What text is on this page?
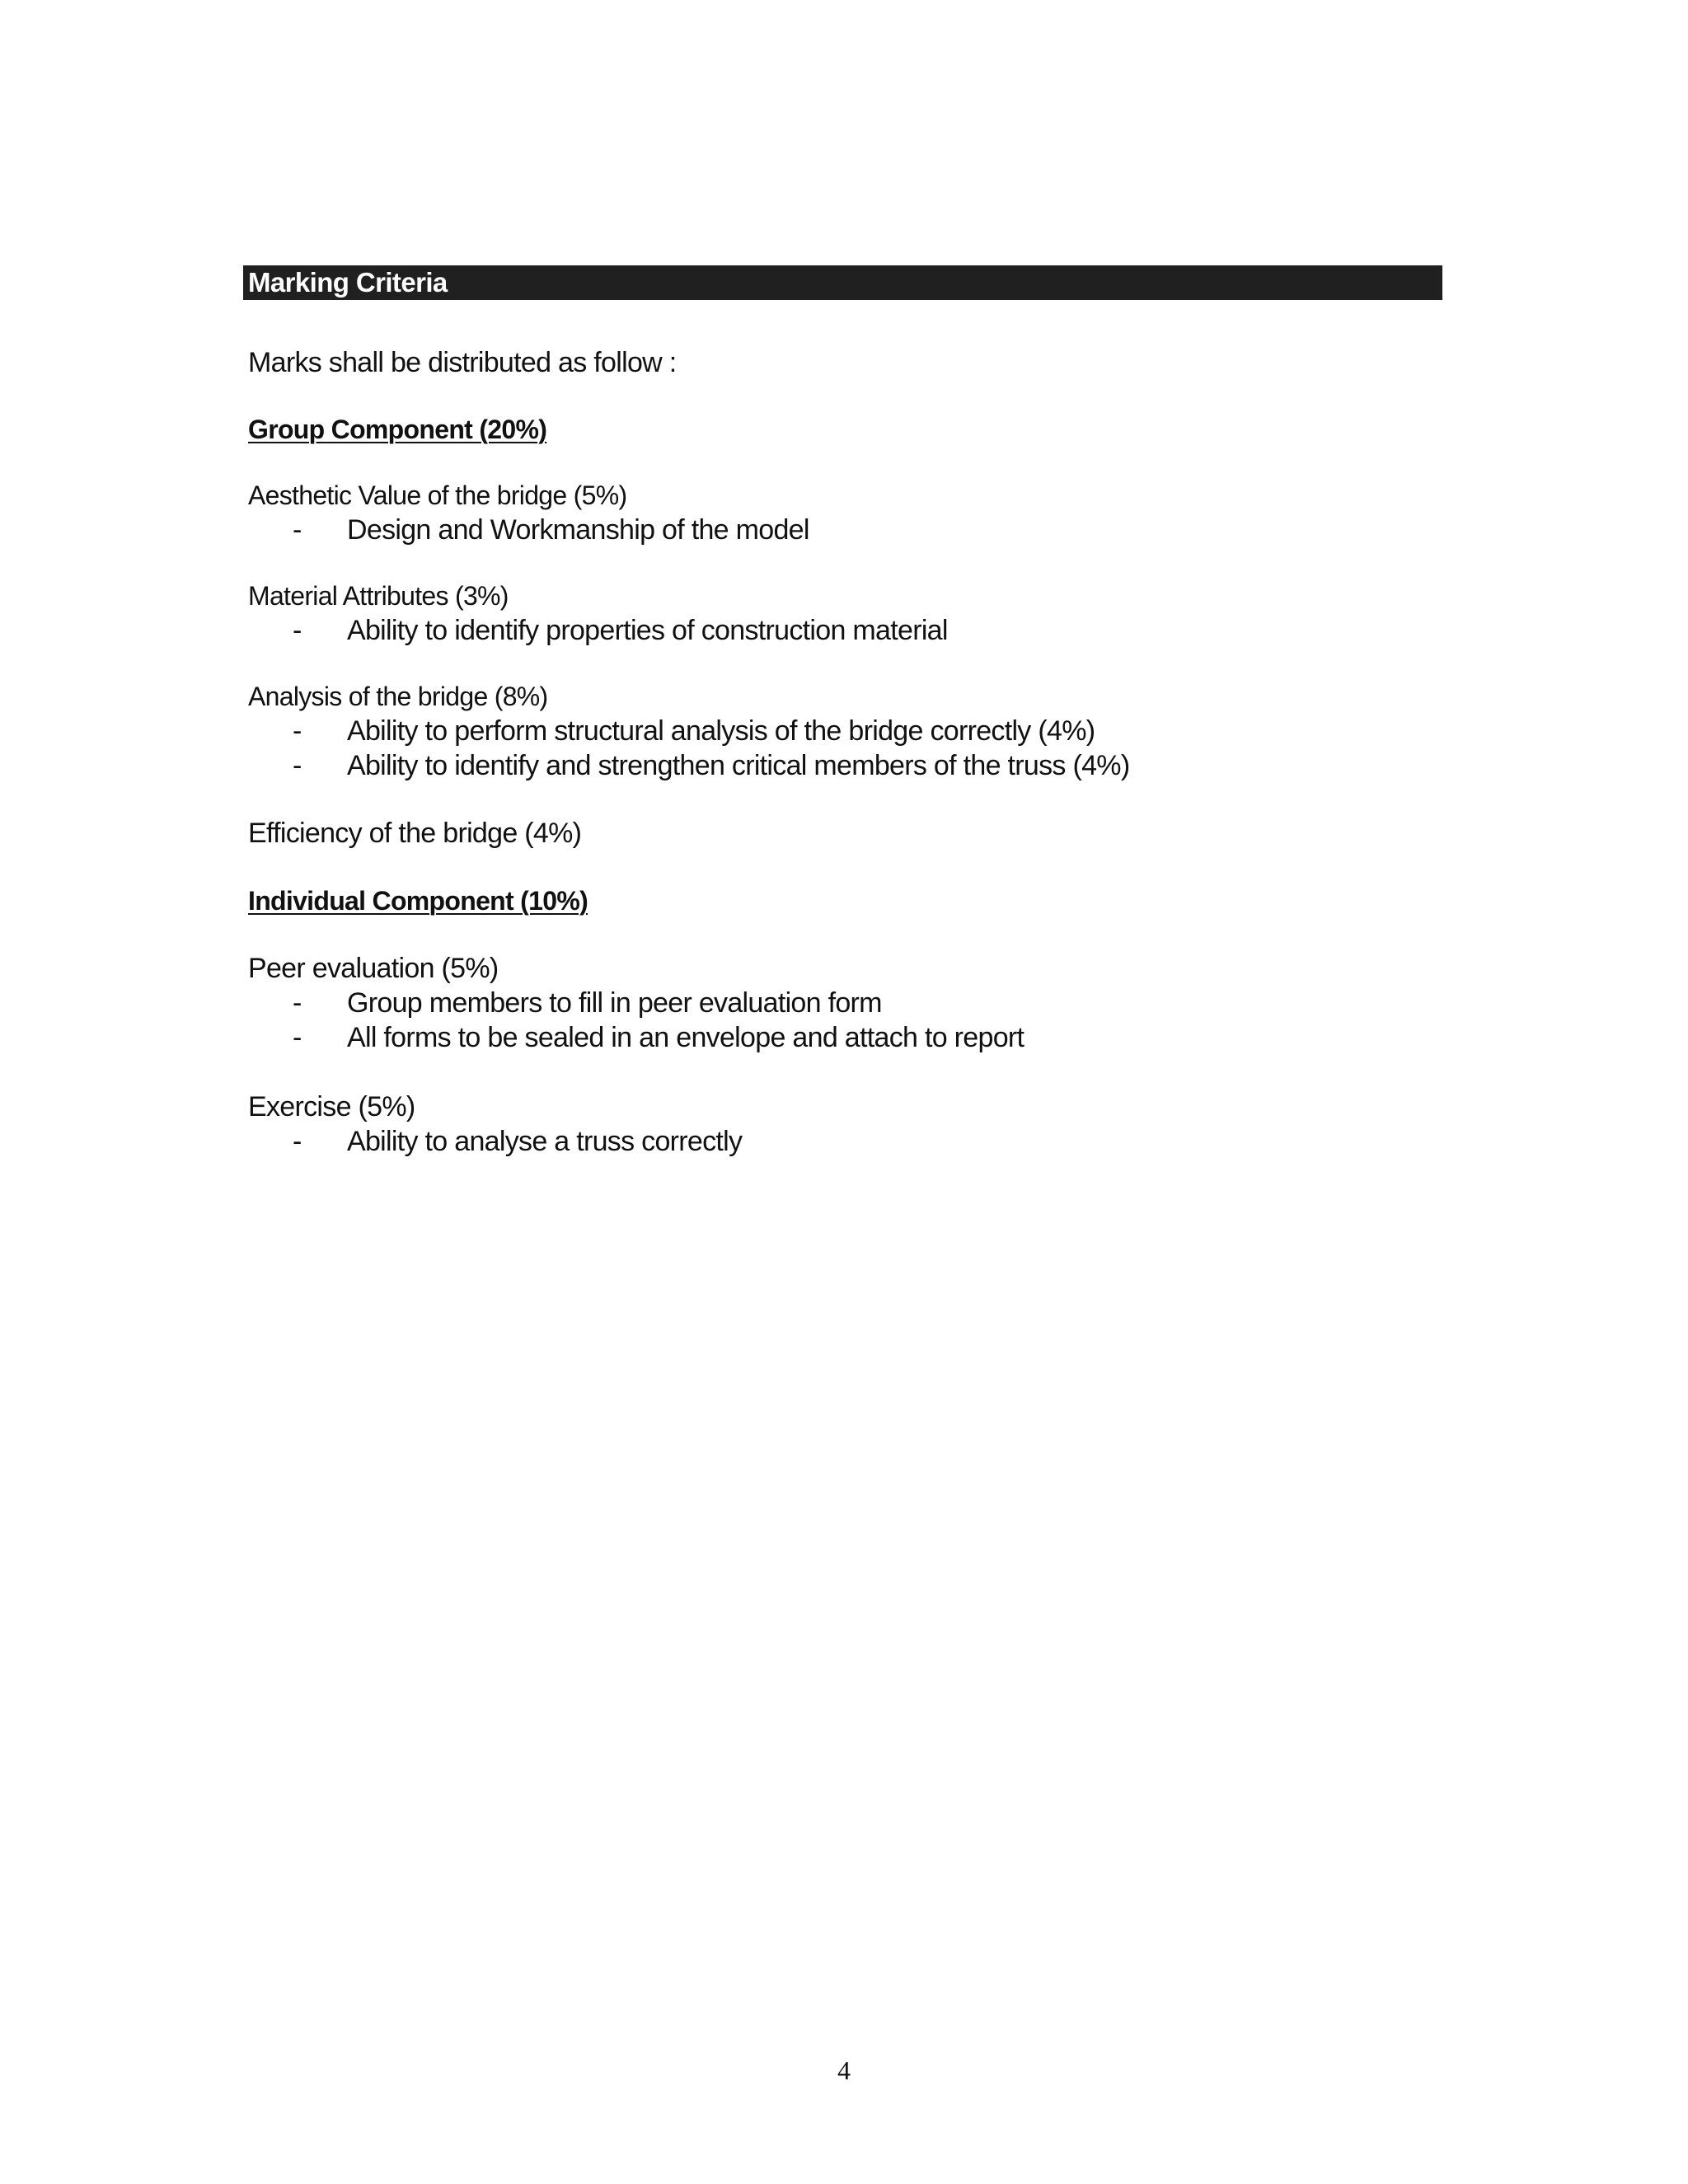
Marking Criteria
Marks shall be distributed as follow :
Group Component (20%)
Aesthetic Value of the bridge (5%)
- Design and Workmanship of the model
Material Attributes (3%)
- Ability to identify properties of construction material
Analysis of the bridge (8%)
- Ability to perform structural analysis of the bridge correctly (4%)
- Ability to identify and strengthen critical members of the truss (4%)
Efficiency of the bridge (4%)
Individual Component (10%)
Peer evaluation (5%)
- Group members to fill in peer evaluation form
- All forms to be sealed in an envelope and attach to report
Exercise (5%)
- Ability to analyse a truss correctly
4
